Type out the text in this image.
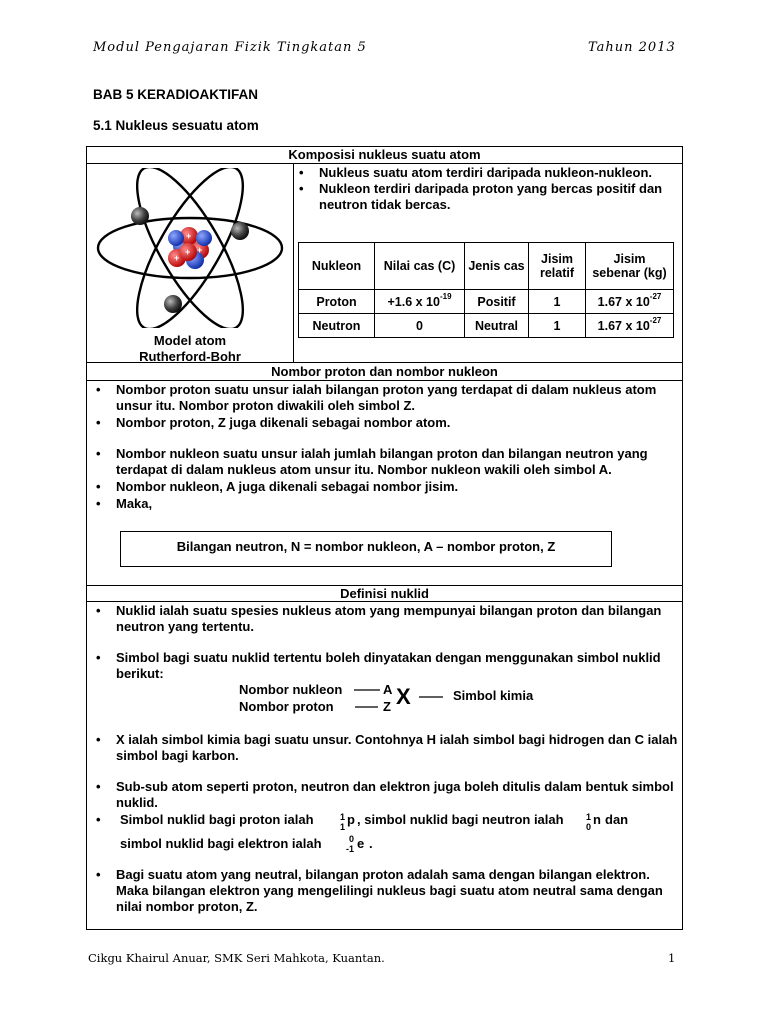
Modul Pengajaran Fizik Tingkatan 5	Tahun 2013
BAB 5 KERADIOAKTIFAN
5.1 Nukleus sesuatu atom
Komposisi nukleus suatu atom
+
+
+
+
Model atom
Rutherford-Bohr
• Nukleus suatu atom terdiri daripada nukleon-nukleon.
• Nukleon terdiri daripada proton yang bercas positif dan neutron tidak bercas.
Nukleon	Nilai cas (C)	Jenis cas	Jisim relatif	Jisim sebenar (kg)
Proton	+1.6 x $10^{-19}$	Positif	1	1.67 x $10^{-27}$
Neutron	0	Neutral	1	1.67 x $10^{-27}$
Nombor proton dan nombor nukleon
• Nombor proton suatu unsur ialah bilangan proton yang terdapat di dalam nukleus atom unsur itu. Nombor proton diwakili oleh simbol Z.
• Nombor proton, Z juga dikenali sebagai nombor atom.
• Nombor nukleon suatu unsur ialah jumlah bilangan proton dan bilangan neutron yang terdapat di dalam nukleus atom unsur itu. Nombor nukleon wakili oleh simbol A.
• Nombor nukleon, A juga dikenali sebagai nombor jisim.
• Maka,
Bilangan neutron, N = nombor nukleon, A – nombor proton, Z
Definisi nuklid
• Nuklid ialah suatu spesies nukleus atom yang mempunyai bilangan proton dan bilangan neutron yang tertentu.
• Simbol bagi suatu nuklid tertentu boleh dinyatakan dengan menggunakan simbol nuklid berikut:
Nombor nukleon
Nombor proton
A
Z X	Simbol kimia
• X ialah simbol kimia bagi suatu unsur. Contohnya H ialah simbol bagi hidrogen dan C ialah simbol bagi karbon.
• Sub-sub atom seperti proton, neutron dan elektron juga boleh ditulis dalam bentuk simbol nuklid.
• Simbol nuklid bagi proton ialah	1
1 p , simbol nuklid bagi neutron ialah 1
0 n dan
simbol nuklid bagi elektron ialah	0
-1 e .
• Bagi suatu atom yang neutral, bilangan proton adalah sama dengan bilangan elektron. Maka bilangan elektron yang mengelilingi nukleus bagi suatu atom neutral sama dengan nilai nombor proton, Z.
Cikgu Khairul Anuar, SMK Seri Mahkota, Kuantan.	1
